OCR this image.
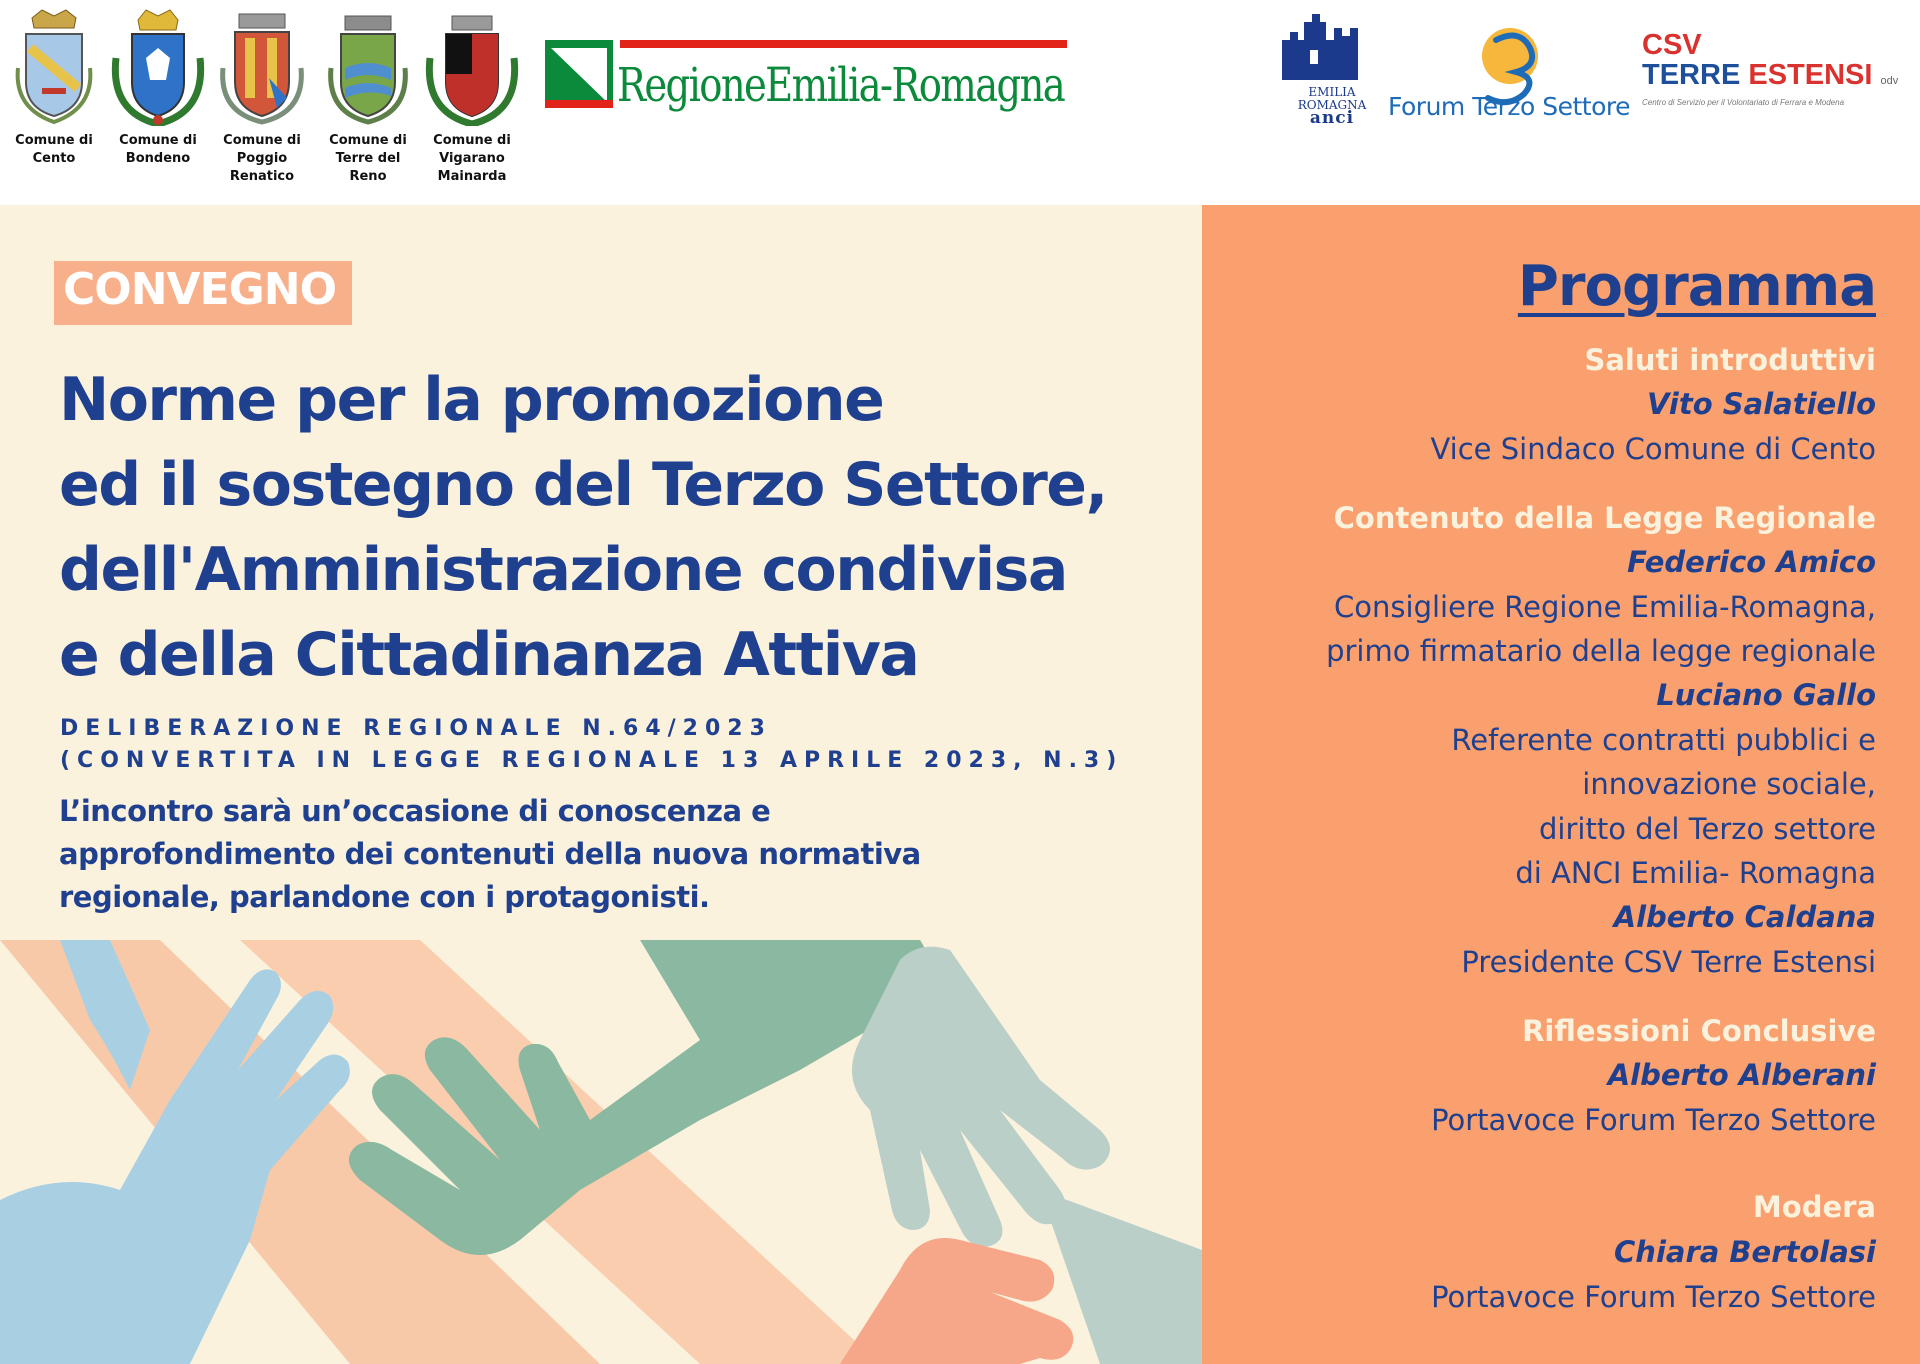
Comune di
Cento
Comune di
Bondeno
Comune di
Poggio
Renatico
Comune di
Terre del Reno
Comune di
Vigarano
Mainarda
RegioneEmilia-Romagna	EMILIA
ROMAGNA
anci	Forum Terzo Settore
CSV
TERRE ESTENSI odv
Centro di Servizio per il Volontariato di Ferrara e Modena
CONVEGNO
Norme per la promozione
ed il sostegno del Terzo Settore,
dell'Amministrazione condivisa
e della Cittadinanza Attiva
DELIBERAZIONE REGIONALE N.64/2023
(CONVERTITA IN LEGGE REGIONALE 13 APRILE 2023, N.3)
L’incontro sarà un’occasione di conoscenza e
approfondimento dei contenuti della nuova normativa
regionale, parlandone con i protagonisti.
Programma
Saluti introduttivi
Vito Salatiello
Vice Sindaco Comune di Cento
Contenuto della Legge Regionale
Federico Amico
Consigliere Regione Emilia-Romagna,
primo firmatario della legge regionale
Luciano Gallo
Referente contratti pubblici e
innovazione sociale,
diritto del Terzo settore
di ANCI Emilia- Romagna
Alberto Caldana
Presidente CSV Terre Estensi
Riflessioni Conclusive
Alberto Alberani
Portavoce Forum Terzo Settore
Modera
Chiara Bertolasi
Portavoce Forum Terzo Settore
